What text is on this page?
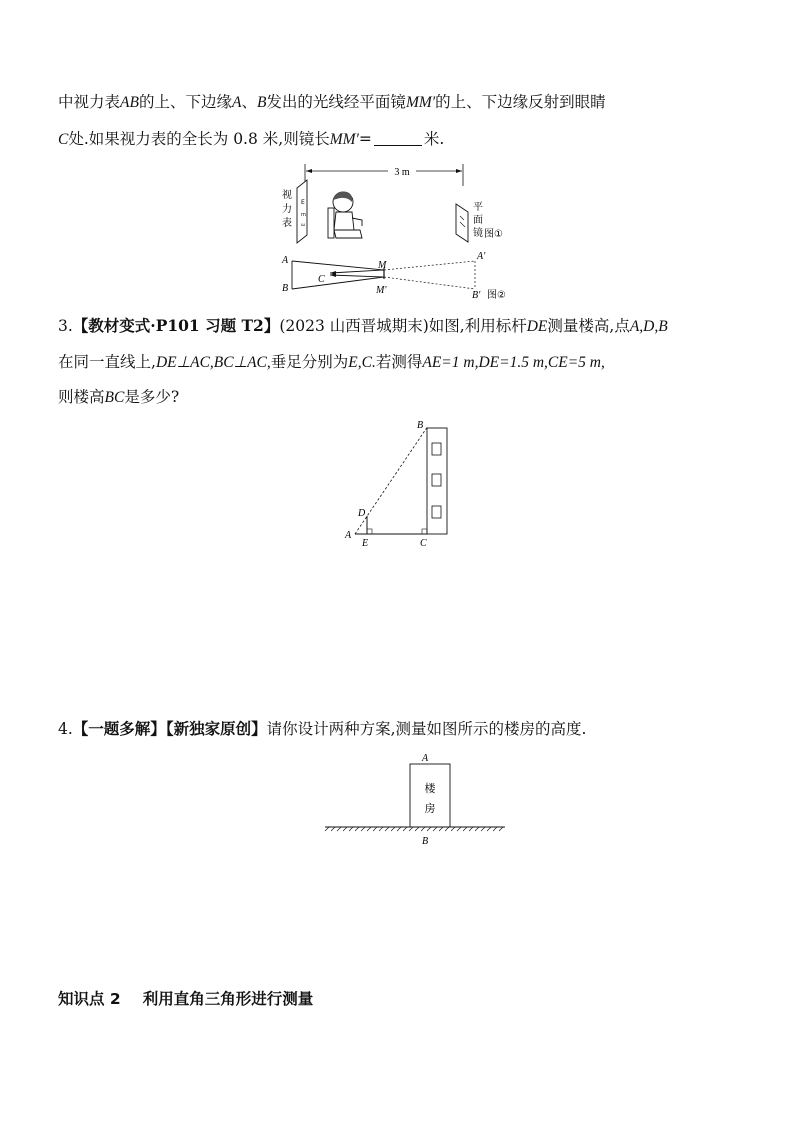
中视力表AB的上、下边缘A、B发出的光线经平面镜MM′的上、下边缘反射到眼睛
C处.如果视力表的全长为 0.8 米,则镜长MM′=	米.
3 m
E
m
ɯ
视力表
平面镜 图①
A
B
C
M
M′
A′
B′ 图②
3.【教材变式·P101 习题 T2】(2023 山西晋城期末)如图,利用标杆DE测量楼高,点A,D,B
在同一直线上,DE⊥AC,BC⊥AC,垂足分别为E,C.若测得AE=1 m,DE=1.5 m,CE=5 m,
则楼高BC是多少?
B
D
A
E	C
4.【一题多解】【新独家原创】请你设计两种方案,测量如图所示的楼房的高度.
楼房
A
B
知识点 2 利用直角三角形进行测量
